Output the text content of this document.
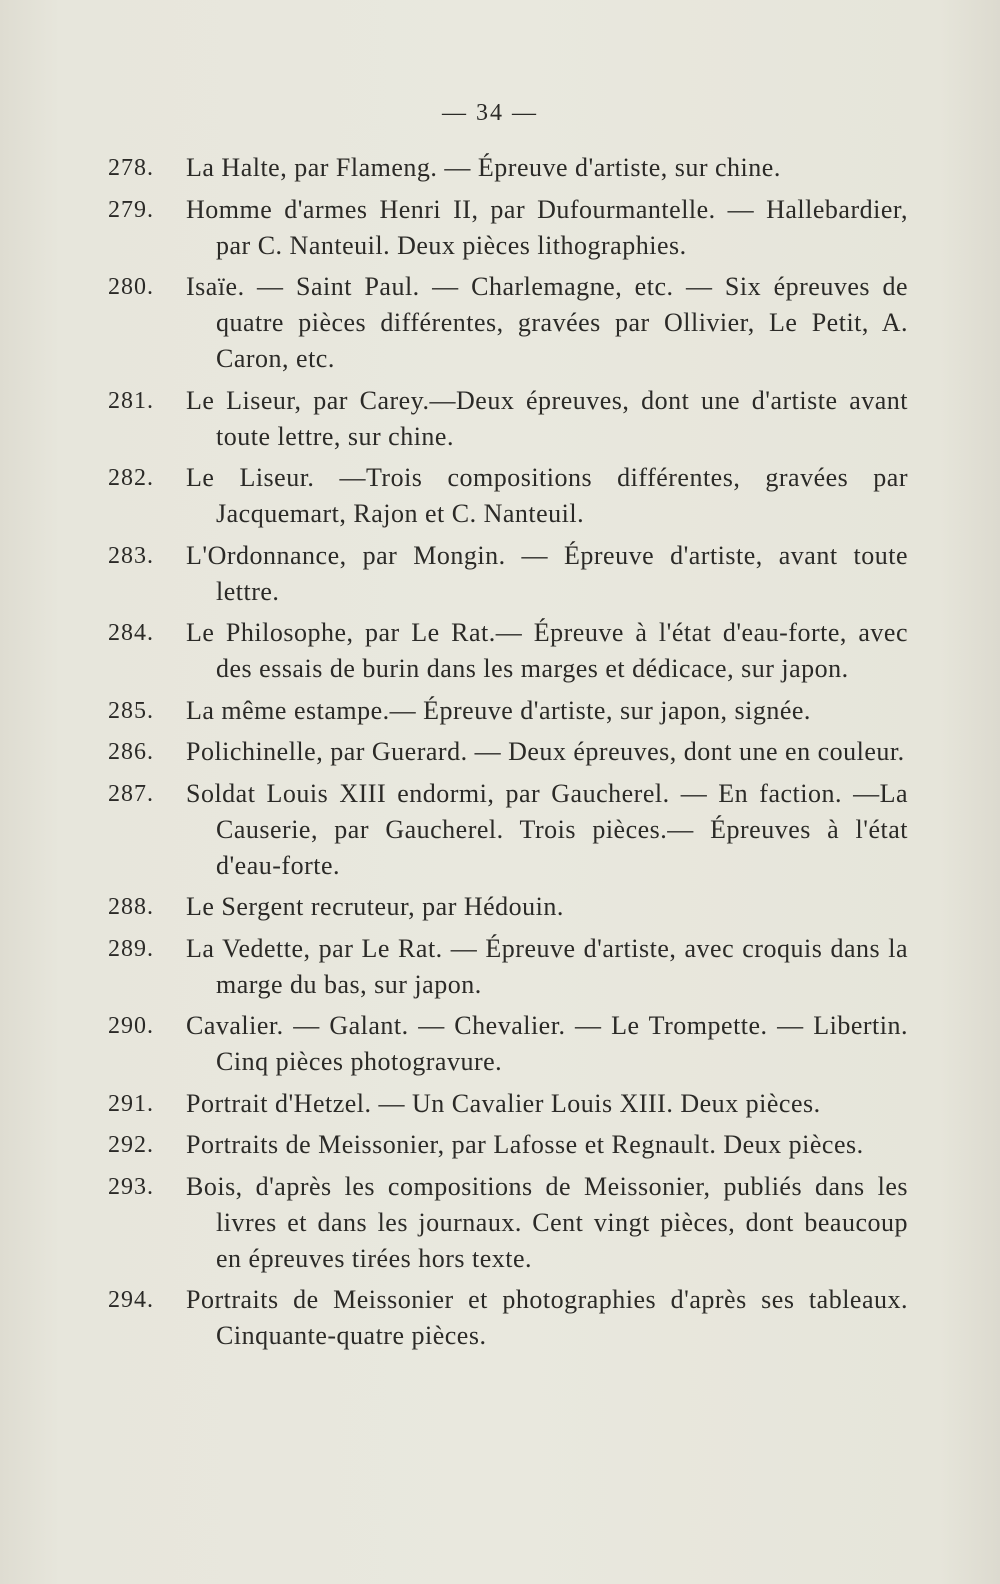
— 34 —
278.	La Halte, par Flameng. — Épreuve d'artiste, sur chine.
279.	Homme d'armes Henri II, par Dufourmantelle. — Hallebardier, par C. Nanteuil. Deux pièces lithographies.
280.	Isaïe. — Saint Paul. — Charlemagne, etc. — Six épreuves de quatre pièces différentes, gravées par Ollivier, Le Petit, A. Caron, etc.
281.	Le Liseur, par Carey.—Deux épreuves, dont une d'artiste avant toute lettre, sur chine.
282.	Le Liseur. —Trois compositions différentes, gravées par Jacquemart, Rajon et C. Nanteuil.
283.	L'Ordonnance, par Mongin. — Épreuve d'artiste, avant toute lettre.
284.	Le Philosophe, par Le Rat.— Épreuve à l'état d'eau-forte, avec des essais de burin dans les marges et dédicace, sur japon.
285.	La même estampe.— Épreuve d'artiste, sur japon, signée.
286.	Polichinelle, par Guerard. — Deux épreuves, dont une en couleur.
287.	Soldat Louis XIII endormi, par Gaucherel. — En faction. —La Causerie, par Gaucherel. Trois pièces.— Épreuves à l'état d'eau-forte.
288.	Le Sergent recruteur, par Hédouin.
289.	La Vedette, par Le Rat. — Épreuve d'artiste, avec croquis dans la marge du bas, sur japon.
290.	Cavalier. — Galant. — Chevalier. — Le Trompette. — Libertin. Cinq pièces photogravure.
291.	Portrait d'Hetzel. — Un Cavalier Louis XIII. Deux pièces.
292.	Portraits de Meissonier, par Lafosse et Regnault. Deux pièces.
293.	Bois, d'après les compositions de Meissonier, publiés dans les livres et dans les journaux. Cent vingt pièces, dont beaucoup en épreuves tirées hors texte.
294.	Portraits de Meissonier et photographies d'après ses tableaux. Cinquante-quatre pièces.
